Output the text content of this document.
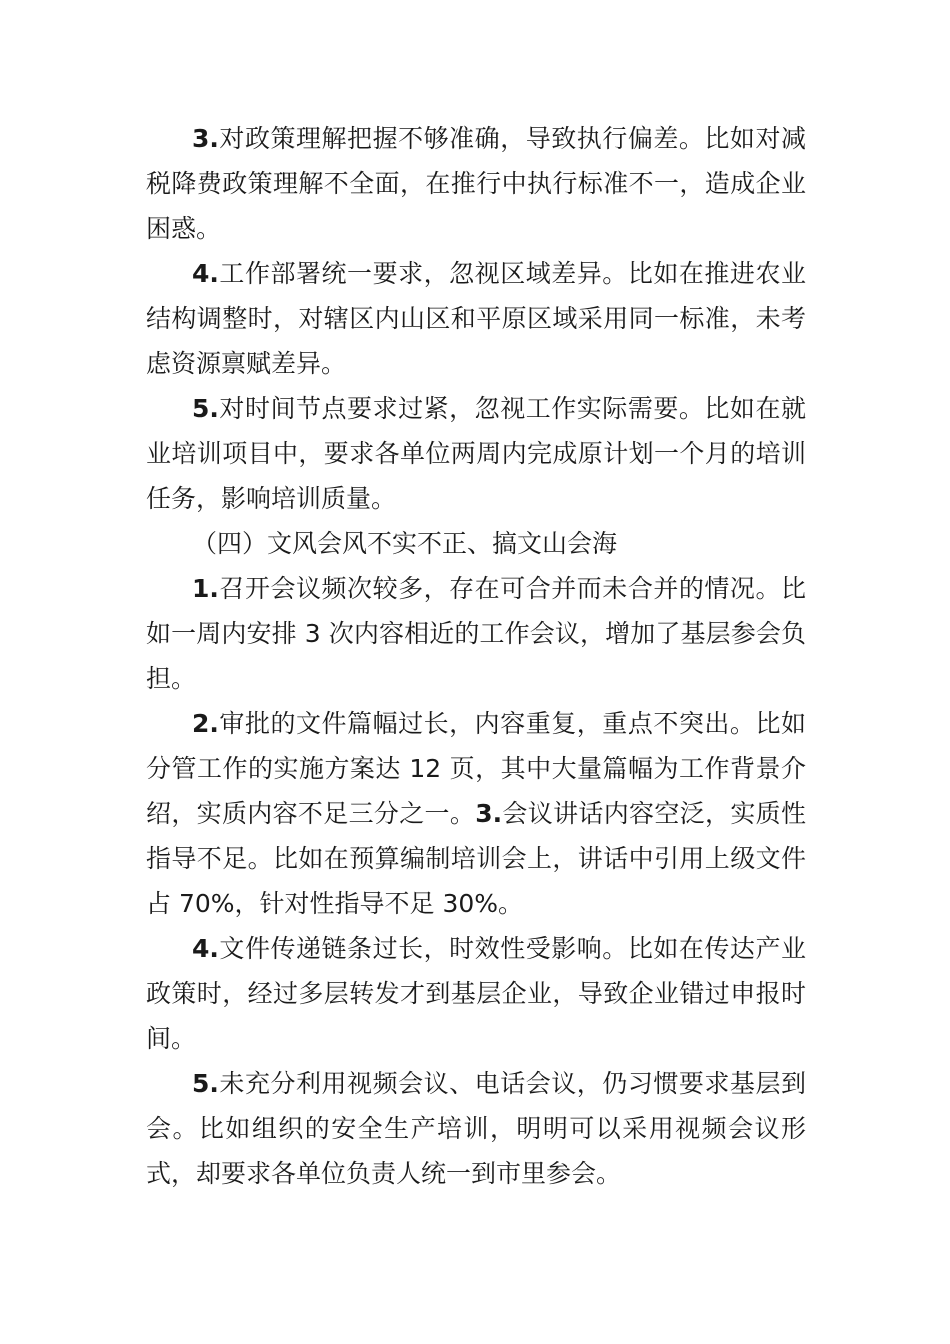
3.对政策理解把握不够准确，导致执行偏差。比如对减税降费政策理解不全面，在推行中执行标准不一，造成企业困惑。

4.工作部署统一要求，忽视区域差异。比如在推进农业结构调整时，对辖区内山区和平原区域采用同一标准，未考虑资源禀赋差异。

5.对时间节点要求过紧，忽视工作实际需要。比如在就业培训项目中，要求各单位两周内完成原计划一个月的培训任务，影响培训质量。

（四）文风会风不实不正、搞文山会海

1.召开会议频次较多，存在可合并而未合并的情况。比如一周内安排 3 次内容相近的工作会议，增加了基层参会负担。

2.审批的文件篇幅过长，内容重复，重点不突出。比如分管工作的实施方案达 12 页，其中大量篇幅为工作背景介绍，实质内容不足三分之一。3.会议讲话内容空泛，实质性指导不足。比如在预算编制培训会上，讲话中引用上级文件占 70%，针对性指导不足 30%。

4.文件传递链条过长，时效性受影响。比如在传达产业政策时，经过多层转发才到基层企业，导致企业错过申报时间。

5.未充分利用视频会议、电话会议，仍习惯要求基层到会。比如组织的安全生产培训，明明可以采用视频会议形式，却要求各单位负责人统一到市里参会。
